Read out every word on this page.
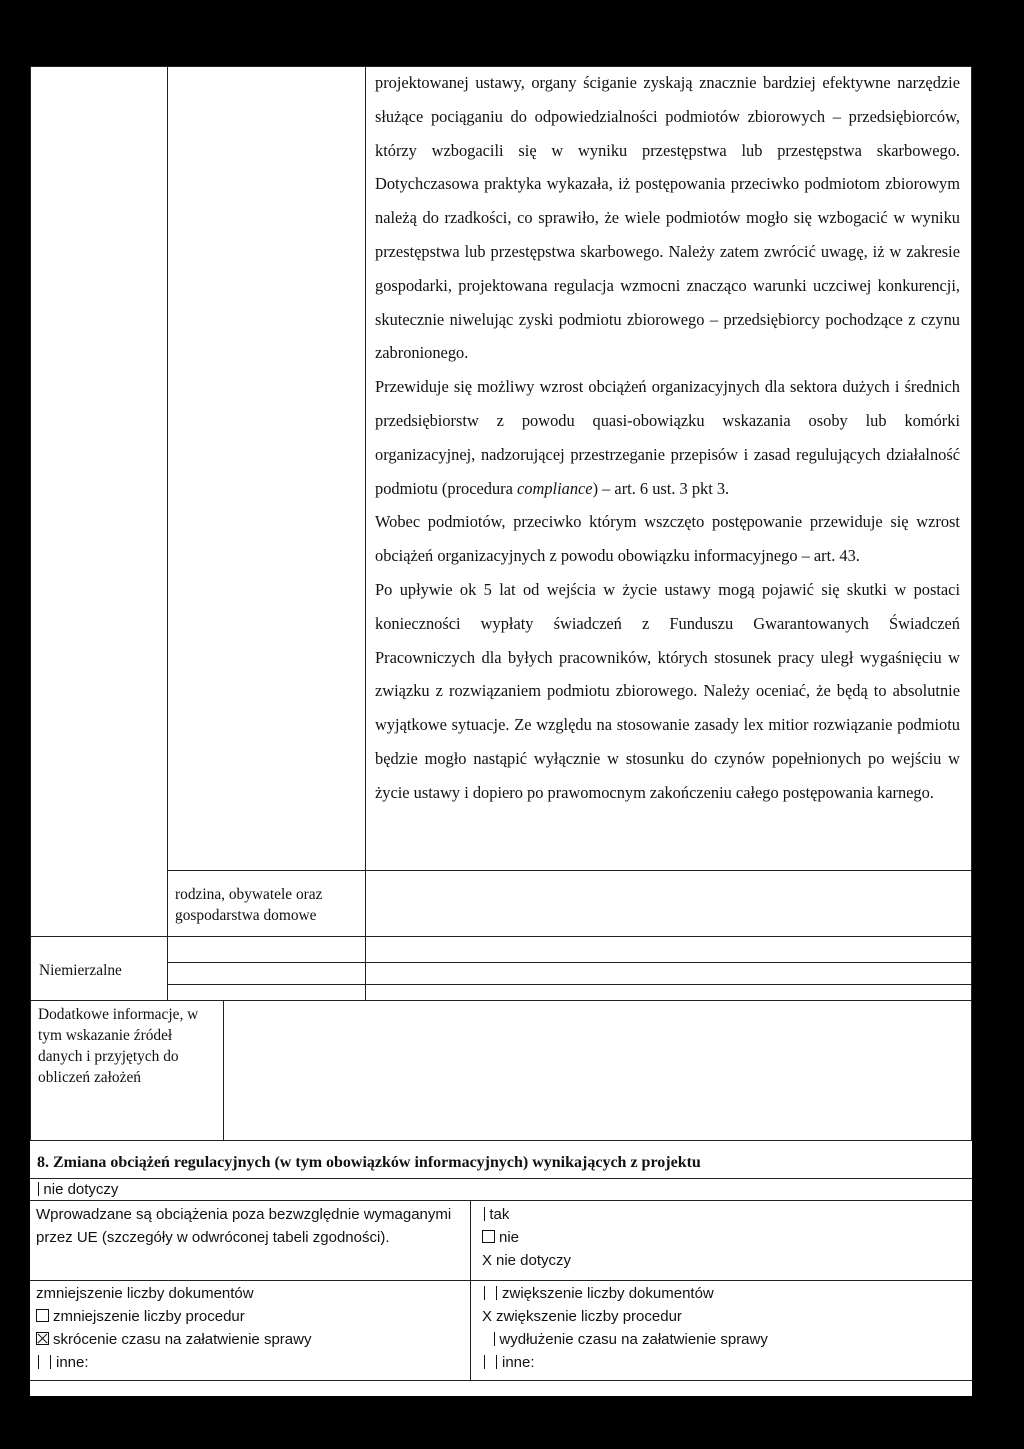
projektowanej ustawy, organy ściganie zyskają znacznie bardziej efektywne narzędzie służące pociąganiu do odpowiedzialności podmiotów zbiorowych – przedsiębiorców, którzy wzbogacili się w wyniku przestępstwa lub przestępstwa skarbowego. Dotychczasowa praktyka wykazała, iż postępowania przeciwko podmiotom zbiorowym należą do rzadkości, co sprawiło, że wiele podmiotów mogło się wzbogacić w wyniku przestępstwa lub przestępstwa skarbowego. Należy zatem zwrócić uwagę, iż w zakresie gospodarki, projektowana regulacja wzmocni znacząco warunki uczciwej konkurencji, skutecznie niwelując zyski podmiotu zbiorowego – przedsiębiorcy pochodzące z czynu zabronionego.

Przewiduje się możliwy wzrost obciążeń organizacyjnych dla sektora dużych i średnich przedsiębiorstw z powodu quasi-obowiązku wskazania osoby lub komórki organizacyjnej, nadzorującej przestrzeganie przepisów i zasad regulujących działalność podmiotu (procedura compliance) – art. 6 ust. 3 pkt 3.

Wobec podmiotów, przeciwko którym wszczęto postępowanie przewiduje się wzrost obciążeń organizacyjnych z powodu obowiązku informacyjnego – art. 43.

Po upływie ok 5 lat od wejścia w życie ustawy mogą pojawić się skutki w postaci konieczności wypłaty świadczeń z Funduszu Gwarantowanych Świadczeń Pracowniczych dla byłych pracowników, których stosunek pracy uległ wygaśnięciu w związku z rozwiązaniem podmiotu zbiorowego. Należy oceniać, że będą to absolutnie wyjątkowe sytuacje. Ze względu na stosowanie zasady lex mitior rozwiązanie podmiotu będzie mogło nastąpić wyłącznie w stosunku do czynów popełnionych po wejściu w życie ustawy i dopiero po prawomocnym zakończeniu całego postępowania karnego.

rodzina, obywatele oraz gospodarstwa domowe
Niemierzalne
Dodatkowe informacje, w tym wskazanie źródeł danych i przyjętych do obliczeń założeń
8. Zmiana obciążeń regulacyjnych (w tym obowiązków informacyjnych) wynikających z projektu
nie dotyczy
Wprowadzane są obciążenia poza bezwzględnie wymaganymi przez UE (szczegóły w odwróconej tabeli zgodności).
tak
nie
X nie dotyczy
zmniejszenie liczby dokumentów
zmniejszenie liczby procedur
skrócenie czasu na załatwienie sprawy
inne:
zwiększenie liczby dokumentów
X zwiększenie liczby procedur
wydłużenie czasu na załatwienie sprawy
inne:
